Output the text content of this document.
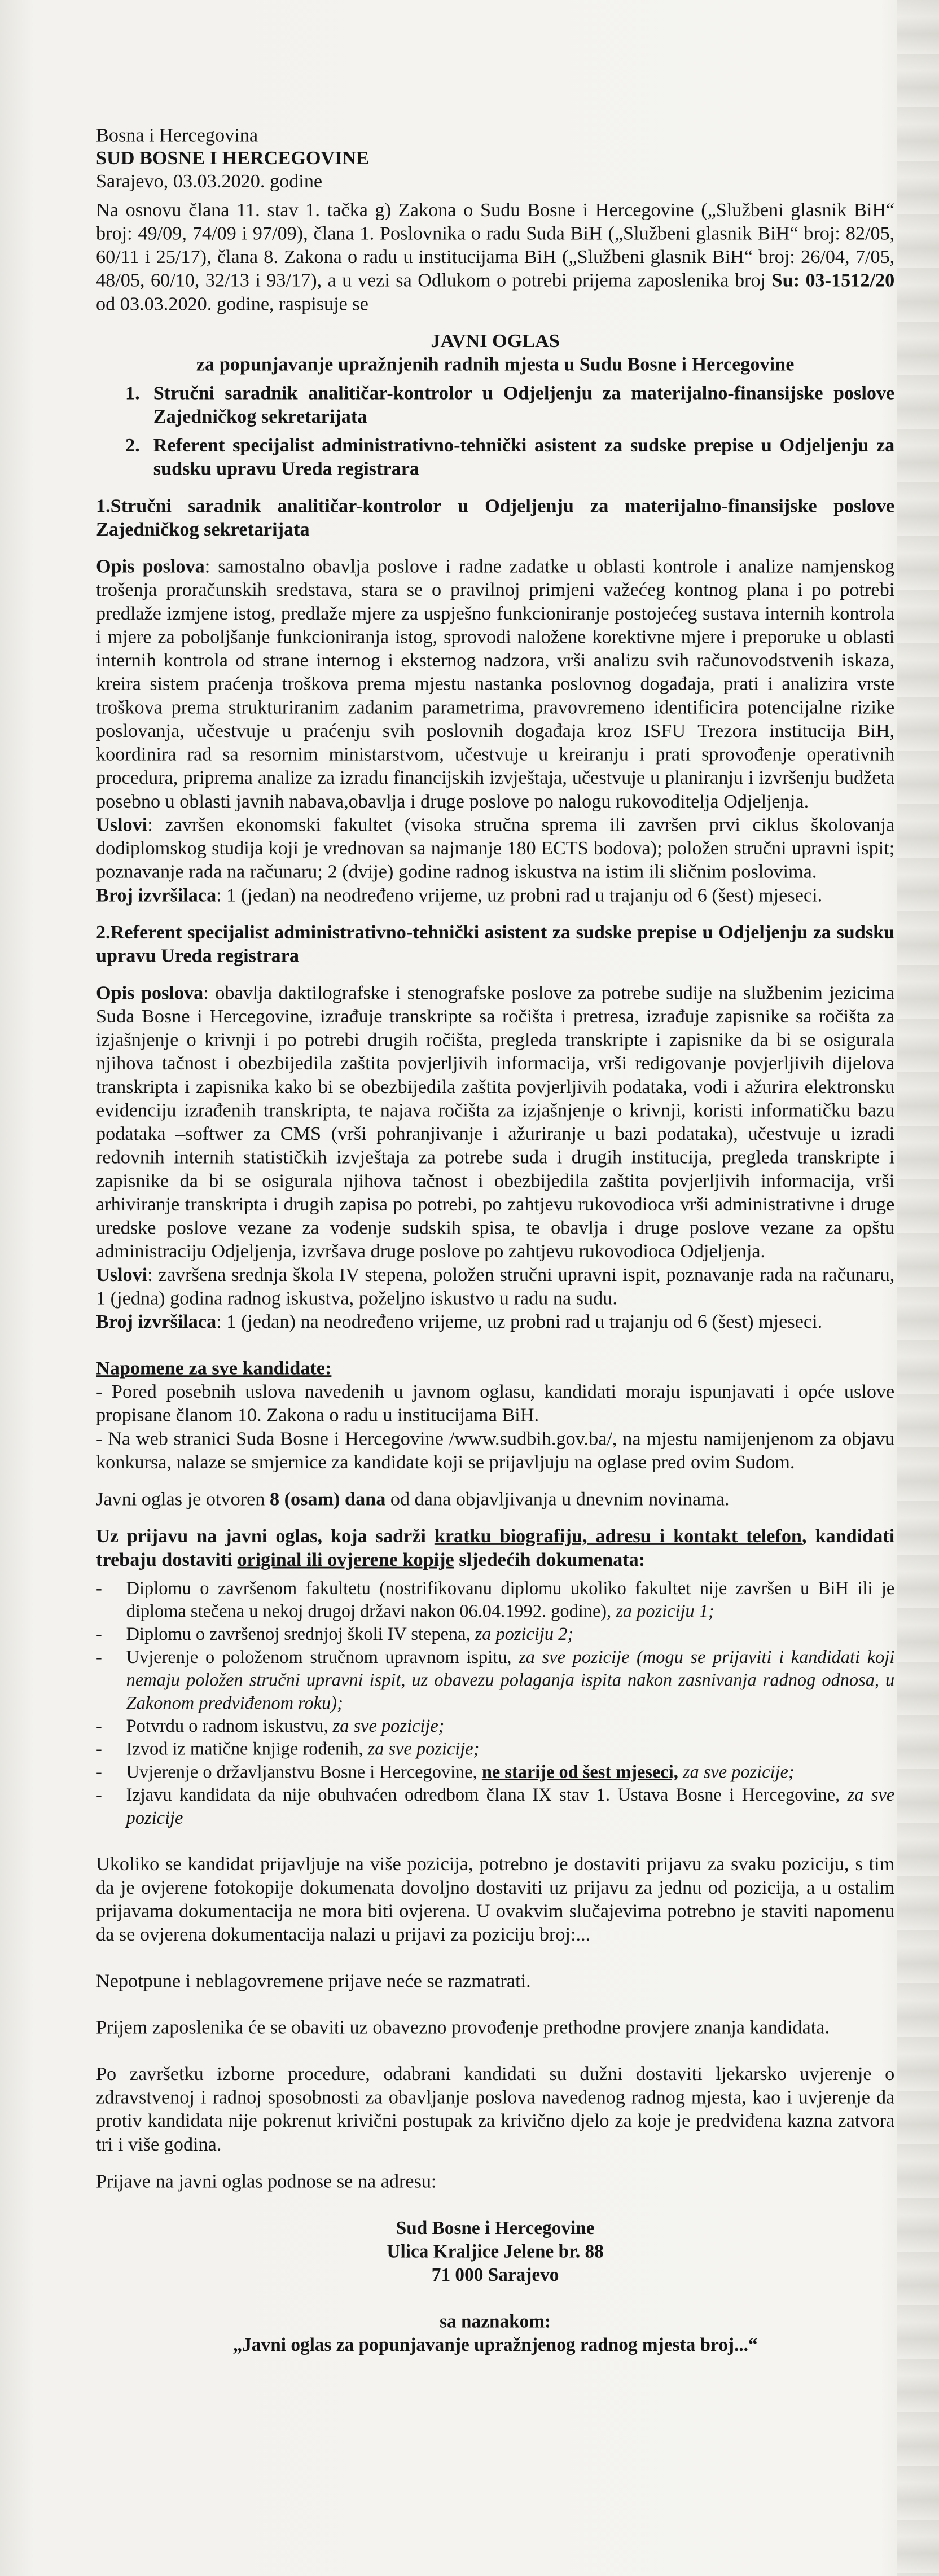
Bosna i Hercegovina

SUD BOSNE I HERCEGOVINE

Sarajevo, 03.03.2020. godine

Na osnovu člana 11. stav 1. tačka g) Zakona o Sudu Bosne i Hercegovine („Službeni glasnik BiH“ broj: 49/09, 74/09 i 97/09), člana 1. Poslovnika o radu Suda BiH („Službeni glasnik BiH“ broj: 82/05, 60/11 i 25/17), člana 8. Zakona o radu u institucijama BiH („Službeni glasnik BiH“ broj: 26/04, 7/05, 48/05, 60/10, 32/13 i 93/17), a u vezi sa Odlukom o potrebi prijema zaposlenika broj Su: 03-1512/20 od 03.03.2020. godine, raspisuje se

JAVNI OGLAS

za popunjavanje upražnjenih radnih mjesta u Sudu Bosne i Hercegovine

1. Stručni saradnik analitičar-kontrolor u Odjeljenju za materijalno-finansijske poslove Zajedničkog sekretarijata
2. Referent specijalist administrativno-tehnički asistent za sudske prepise u Odjeljenju za sudsku upravu Ureda registrara

1.Stručni saradnik analitičar-kontrolor u Odjeljenju za materijalno-finansijske poslove Zajedničkog sekretarijata

Opis poslova: samostalno obavlja poslove i radne zadatke u oblasti kontrole i analize namjenskog trošenja proračunskih sredstava, stara se o pravilnoj primjeni važećeg kontnog plana i po potrebi predlaže izmjene istog, predlaže mjere za uspješno funkcioniranje postojećeg sustava internih kontrola i mjere za poboljšanje funkcioniranja istog, sprovodi naložene korektivne mjere i preporuke u oblasti internih kontrola od strane internog i eksternog nadzora, vrši analizu svih računovodstvenih iskaza, kreira sistem praćenja troškova prema mjestu nastanka poslovnog događaja, prati i analizira vrste troškova prema strukturiranim zadanim parametrima, pravovremeno identificira potencijalne rizike poslovanja, učestvuje u praćenju svih poslovnih događaja kroz ISFU Trezora institucija BiH, koordinira rad sa resornim ministarstvom, učestvuje u kreiranju i prati sprovođenje operativnih procedura, priprema analize za izradu financijskih izvještaja, učestvuje u planiranju i izvršenju budžeta posebno u oblasti javnih nabava,obavlja i druge poslove po nalogu rukovoditelja Odjeljenja.

Uslovi: završen ekonomski fakultet (visoka stručna sprema ili završen prvi ciklus školovanja dodiplomskog studija koji je vrednovan sa najmanje 180 ECTS bodova); položen stručni upravni ispit; poznavanje rada na računaru; 2 (dvije) godine radnog iskustva na istim ili sličnim poslovima.

Broj izvršilaca: 1 (jedan) na neodređeno vrijeme, uz probni rad u trajanju od 6 (šest) mjeseci.

2.Referent specijalist administrativno-tehnički asistent za sudske prepise u Odjeljenju za sudsku upravu Ureda registrara

Opis poslova: obavlja daktilografske i stenografske poslove za potrebe sudije na službenim jezicima Suda Bosne i Hercegovine, izrađuje transkripte sa ročišta i pretresa, izrađuje zapisnike sa ročišta za izjašnjenje o krivnji i po potrebi drugih ročišta, pregleda transkripte i zapisnike da bi se osigurala njihova tačnost i obezbijedila zaštita povjerljivih informacija, vrši redigovanje povjerljivih dijelova transkripta i zapisnika kako bi se obezbijedila zaštita povjerljivih podataka, vodi i ažurira elektronsku evidenciju izrađenih transkripta, te najava ročišta za izjašnjenje o krivnji, koristi informatičku bazu podataka –softwer za CMS (vrši pohranjivanje i ažuriranje u bazi podataka), učestvuje u izradi redovnih internih statističkih izvještaja za potrebe suda i drugih institucija, pregleda transkripte i zapisnike da bi se osigurala njihova tačnost i obezbijedila zaštita povjerljivih informacija, vrši arhiviranje transkripta i drugih zapisa po potrebi, po zahtjevu rukovodioca vrši administrativne i druge uredske poslove vezane za vođenje sudskih spisa, te obavlja i druge poslove vezane za opštu administraciju Odjeljenja, izvršava druge poslove po zahtjevu rukovodioca Odjeljenja.

Uslovi: završena srednja škola IV stepena, položen stručni upravni ispit, poznavanje rada na računaru, 1 (jedna) godina radnog iskustva, poželjno iskustvo u radu na sudu.

Broj izvršilaca: 1 (jedan) na neodređeno vrijeme, uz probni rad u trajanju od 6 (šest) mjeseci.

Napomene za sve kandidate:

- Pored posebnih uslova navedenih u javnom oglasu, kandidati moraju ispunjavati i opće uslove propisane članom 10. Zakona o radu u institucijama BiH.

- Na web stranici Suda Bosne i Hercegovine /www.sudbih.gov.ba/, na mjestu namijenjenom za objavu konkursa, nalaze se smjernice za kandidate koji se prijavljuju na oglase pred ovim Sudom.

Javni oglas je otvoren 8 (osam) dana od dana objavljivanja u dnevnim novinama.

Uz prijavu na javni oglas, koja sadrži kratku biografiju, adresu i kontakt telefon, kandidati trebaju dostaviti original ili ovjerene kopije sljedećih dokumenata:

-	Diplomu o završenom fakultetu (nostrifikovanu diplomu ukoliko fakultet nije završen u BiH ili je diploma stečena u nekoj drugoj državi nakon 06.04.1992. godine), za poziciju 1;
-	Diplomu o završenoj srednjoj školi IV stepena, za poziciju 2;
-	Uvjerenje o položenom stručnom upravnom ispitu, za sve pozicije (mogu se prijaviti i kandidati koji nemaju položen stručni upravni ispit, uz obavezu polaganja ispita nakon zasnivanja radnog odnosa, u Zakonom predviđenom roku);
-	Potvrdu o radnom iskustvu, za sve pozicije;
-	Izvod iz matične knjige rođenih, za sve pozicije;
-	Uvjerenje o državljanstvu Bosne i Hercegovine, ne starije od šest mjeseci, za sve pozicije;
-	Izjavu kandidata da nije obuhvaćen odredbom člana IX stav 1. Ustava Bosne i Hercegovine, za sve pozicije

Ukoliko se kandidat prijavljuje na više pozicija, potrebno je dostaviti prijavu za svaku poziciju, s tim da je ovjerene fotokopije dokumenata dovoljno dostaviti uz prijavu za jednu od pozicija, a u ostalim prijavama dokumentacija ne mora biti ovjerena. U ovakvim slučajevima potrebno je staviti napomenu da se ovjerena dokumentacija nalazi u prijavi za poziciju broj:...

Nepotpune i neblagovremene prijave neće se razmatrati.

Prijem zaposlenika će se obaviti uz obavezno provođenje prethodne provjere znanja kandidata.

Po završetku izborne procedure, odabrani kandidati su dužni dostaviti ljekarsko uvjerenje o zdravstvenoj i radnoj sposobnosti za obavljanje poslova navedenog radnog mjesta, kao i uvjerenje da protiv kandidata nije pokrenut krivični postupak za krivično djelo za koje je predviđena kazna zatvora tri i više godina.

Prijave na javni oglas podnose se na adresu:

Sud Bosne i Hercegovine

Ulica Kraljice Jelene br. 88

71 000 Sarajevo

sa naznakom:

„Javni oglas za popunjavanje upražnjenog radnog mjesta broj...“
